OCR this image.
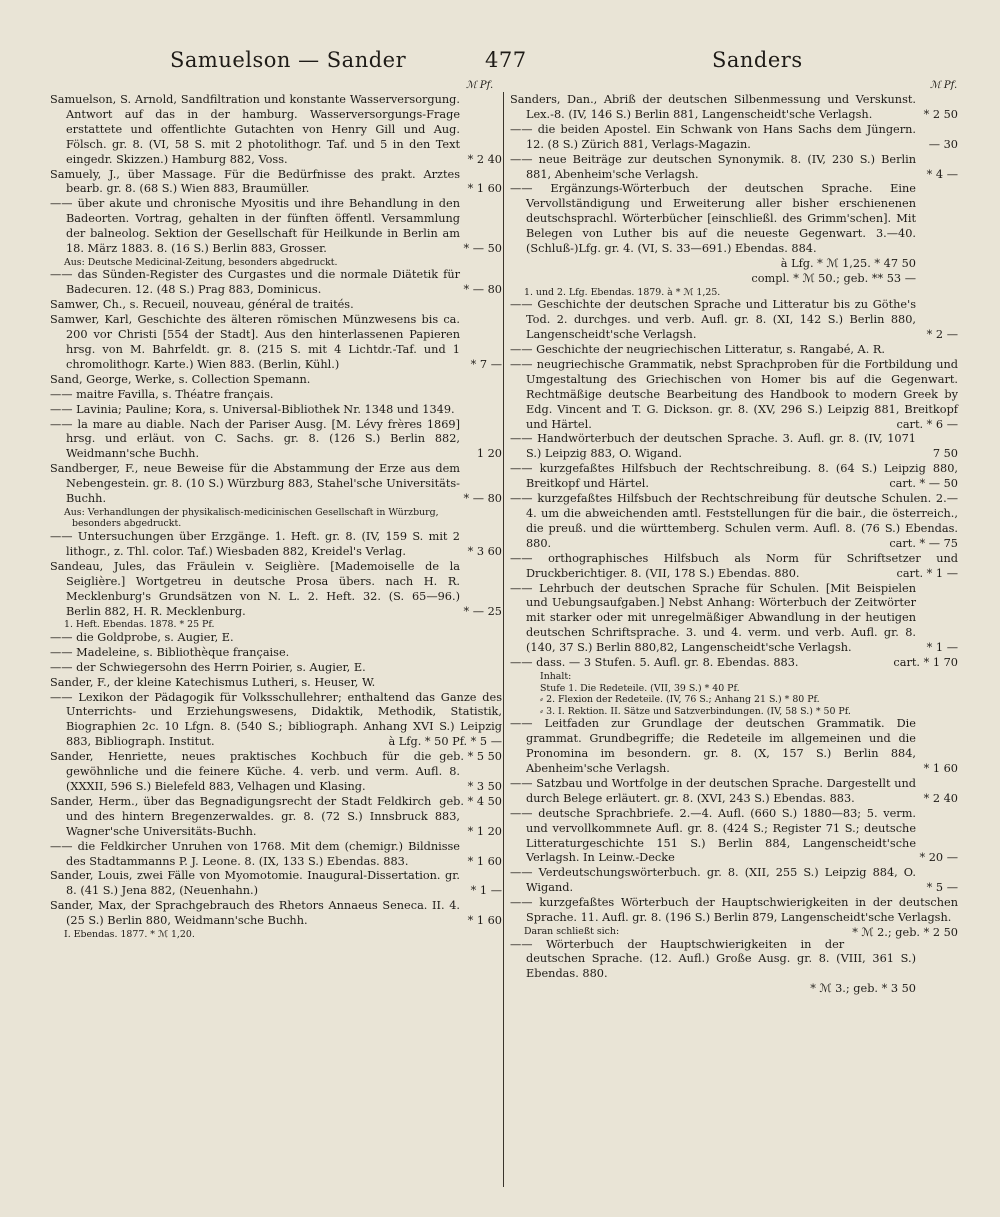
Samuelson — Sander	477	Sanders
ℳ Pf.	ℳ Pf.
Samuelson, S. Arnold, Sandfiltration und konstante Wasserversorgung. Antwort auf das in der hamburg. Wasserversorgungs-Frage erstattete und offentlichte Gutachten von Henry Gill und Aug. Fölsch. gr. 8. (VI, 58 S. mit 2 photolithogr. Taf. und 5 in den Text eingedr. Skizzen.) Hamburg 882, Voss.	* 2 40
Samuely, J., über Massage. Für die Bedürfnisse des prakt. Arztes bearb. gr. 8. (68 S.) Wien 883, Braumüller.	* 1 60
—— über akute und chronische Myositis und ihre Behandlung in den Badeorten. Vortrag, gehalten in der fünften öffentl. Versammlung der balneolog. Sektion der Gesellschaft für Heilkunde in Berlin am 18. März 1883. 8. (16 S.) Berlin 883, Grosser.	* — 50
Aus: Deutsche Medicinal-Zeitung, besonders abgedruckt.
—— das Sünden-Register des Curgastes und die normale Diätetik für Badecuren. 12. (48 S.) Prag 883, Dominicus.	* — 80
Samwer, Ch., s. Recueil, nouveau, général de traités.
Samwer, Karl, Geschichte des älteren römischen Münzwesens bis ca. 200 vor Christi [554 der Stadt]. Aus den hinterlassenen Papieren hrsg. von M. Bahrfeldt. gr. 8. (215 S. mit 4 Lichtdr.-Taf. und 1 chromolithogr. Karte.) Wien 883. (Berlin, Kühl.)	* 7 —
Sand, George, Werke, s. Collection Spemann.
—— maitre Favilla, s. Théatre français.
—— Lavinia; Pauline; Kora, s. Universal-Bibliothek Nr. 1348 und 1349.
—— la mare au diable. Nach der Pariser Ausg. [M. Lévy frères 1869] hrsg. und erläut. von C. Sachs. gr. 8. (126 S.) Berlin 882, Weidmann'sche Buchh.	1 20
Sandberger, F., neue Beweise für die Abstammung der Erze aus dem Nebengestein. gr. 8. (10 S.) Würzburg 883, Stahel'sche Universitäts-Buchh.	* — 80
Aus: Verhandlungen der physikalisch-medicinischen Gesellschaft in Würzburg, besonders abgedruckt.
—— Untersuchungen über Erzgänge. 1. Heft. gr. 8. (IV, 159 S. mit 2 lithogr., z. Thl. color. Taf.) Wiesbaden 882, Kreidel's Verlag.	* 3 60
Sandeau, Jules, das Fräulein v. Seiglière. [Mademoiselle de la Seiglière.] Wortgetreu in deutsche Prosa übers. nach H. R. Mecklenburg's Grundsätzen von N. L. 2. Heft. 32. (S. 65—96.) Berlin 882, H. R. Mecklenburg.	* — 25
1. Heft. Ebendas. 1878. * 25 Pf.
—— die Goldprobe, s. Augier, E.
—— Madeleine, s. Bibliothèque française.
—— der Schwiegersohn des Herrn Poirier, s. Augier, E.
Sander, F., der kleine Katechismus Lutheri, s. Heuser, W.
—— Lexikon der Pädagogik für Volksschullehrer; enthaltend das Ganze des Unterrichts- und Erziehungswesens, Didaktik, Methodik, Statistik, Biographien 2c. 10 Lfgn. 8. (540 S.; bibliograph. Anhang XVI S.) Leipzig 883, Bibliograph. Institut.	à Lfg. * 50 Pf. * 5 —
geb. * 5 50
Sander, Henriette, neues praktisches Kochbuch für die gewöhnliche und die feinere Küche. 4. verb. und verm. Aufl. 8. (XXXII, 596 S.) Bielefeld 883, Velhagen und Klasing.	* 3 50
geb. * 4 50
Sander, Herm., über das Begnadigungsrecht der Stadt Feldkirch und des hintern Bregenzerwaldes. gr. 8. (72 S.) Innsbruck 883, Wagner'sche Universitäts-Buchh.	* 1 20
—— die Feldkircher Unruhen von 1768. Mit dem (chemigr.) Bildnisse des Stadtammanns P. J. Leone. 8. (IX, 133 S.) Ebendas. 883.	* 1 60
Sander, Louis, zwei Fälle von Myomotomie. Inaugural-Dissertation. gr. 8. (41 S.) Jena 882, (Neuenhahn.)	* 1 —
Sander, Max, der Sprachgebrauch des Rhetors Annaeus Seneca. II. 4. (25 S.) Berlin 880, Weidmann'sche Buchh.	* 1 60
I. Ebendas. 1877. * ℳ 1,20.
Sanders, Dan., Abriß der deutschen Silbenmessung und Verskunst. Lex.-8. (IV, 146 S.) Berlin 881, Langenscheidt'sche Verlagsh.	* 2 50
—— die beiden Apostel. Ein Schwank von Hans Sachs dem Jüngern. 12. (8 S.) Zürich 881, Verlags-Magazin.	— 30
—— neue Beiträge zur deutschen Synonymik. 8. (IV, 230 S.) Berlin 881, Abenheim'sche Verlagsh.	* 4 —
—— Ergänzungs-Wörterbuch der deutschen Sprache. Eine Vervollständigung und Erweiterung aller bisher erschienenen deutschsprachl. Wörterbücher [einschließl. des Grimm'schen]. Mit Belegen von Luther bis auf die neueste Gegenwart. 3.—40. (Schluß-)Lfg. gr. 4. (VI, S. 33—691.) Ebendas. 884.
à Lfg. * ℳ 1,25. * 47 50
compl. * ℳ 50.; geb. ** 53 —
1. und 2. Lfg. Ebendas. 1879. à * ℳ 1,25.
—— Geschichte der deutschen Sprache und Litteratur bis zu Göthe's Tod. 2. durchges. und verb. Aufl. gr. 8. (XI, 142 S.) Berlin 880, Langenscheidt'sche Verlagsh.	* 2 —
—— Geschichte der neugriechischen Litteratur, s. Rangabé, A. R.
—— neugriechische Grammatik, nebst Sprachproben für die Fortbildung und Umgestaltung des Griechischen von Homer bis auf die Gegenwart. Rechtmäßige deutsche Bearbeitung des Handbook to modern Greek by Edg. Vincent and T. G. Dickson. gr. 8. (XV, 296 S.) Leipzig 881, Breitkopf und Härtel.	cart. * 6 —
—— Handwörterbuch der deutschen Sprache. 3. Aufl. gr. 8. (IV, 1071 S.) Leipzig 883, O. Wigand.	7 50
—— kurzgefaßtes Hilfsbuch der Rechtschreibung. 8. (64 S.) Leipzig 880, Breitkopf und Härtel.	cart. * — 50
—— kurzgefaßtes Hilfsbuch der Rechtschreibung für deutsche Schulen. 2.—4. um die abweichenden amtl. Feststellungen für die bair., die österreich., die preuß. und die württemberg. Schulen verm. Aufl. 8. (76 S.) Ebendas. 880.	cart. * — 75
—— orthographisches Hilfsbuch als Norm für Schriftsetzer und Druckberichtiger. 8. (VII, 178 S.) Ebendas. 880.	cart. * 1 —
—— Lehrbuch der deutschen Sprache für Schulen. [Mit Beispielen und Uebungsaufgaben.] Nebst Anhang: Wörterbuch der Zeitwörter mit starker oder mit unregelmäßiger Abwandlung in der heutigen deutschen Schriftsprache. 3. und 4. verm. und verb. Aufl. gr. 8. (140, 37 S.) Berlin 880,82, Langenscheidt'sche Verlagsh.	* 1 —
—— dass. — 3 Stufen. 5. Aufl. gr. 8. Ebendas. 883.	cart. * 1 70
Inhalt:
Stufe 1. Die Redeteile. (VII, 39 S.) * 40 Pf.
⸗ 2. Flexion der Redeteile. (IV, 76 S.; Anhang 21 S.) * 80 Pf.
⸗ 3. I. Rektion. II. Sätze und Satzverbindungen. (IV, 58 S.) * 50 Pf.
—— Leitfaden zur Grundlage der deutschen Grammatik. Die grammat. Grundbegriffe; die Redeteile im allgemeinen und die Pronomina im besondern. gr. 8. (X, 157 S.) Berlin 884, Abenheim'sche Verlagsh.	* 1 60
—— Satzbau und Wortfolge in der deutschen Sprache. Dargestellt und durch Belege erläutert. gr. 8. (XVI, 243 S.) Ebendas. 883.	* 2 40
—— deutsche Sprachbriefe. 2.—4. Aufl. (660 S.) 1880—83; 5. verm. und vervollkommnete Aufl. gr. 8. (424 S.; Register 71 S.; deutsche Litteraturgeschichte 151 S.) Berlin 884, Langenscheidt'sche Verlagsh. In Leinw.-Decke	* 20 —
—— Verdeutschungswörterbuch. gr. 8. (XII, 255 S.) Leipzig 884, O. Wigand.	* 5 —
—— kurzgefaßtes Wörterbuch der Hauptschwierigkeiten in der deutschen Sprache. 11. Aufl. gr. 8. (196 S.) Berlin 879, Langenscheidt'sche Verlagsh.
* ℳ 2.; geb. * 2 50
Daran schließt sich:
—— Wörterbuch der Hauptschwierigkeiten in der deutschen Sprache. (12. Aufl.) Große Ausg. gr. 8. (VIII, 361 S.) Ebendas. 880.
* ℳ 3.; geb. * 3 50
